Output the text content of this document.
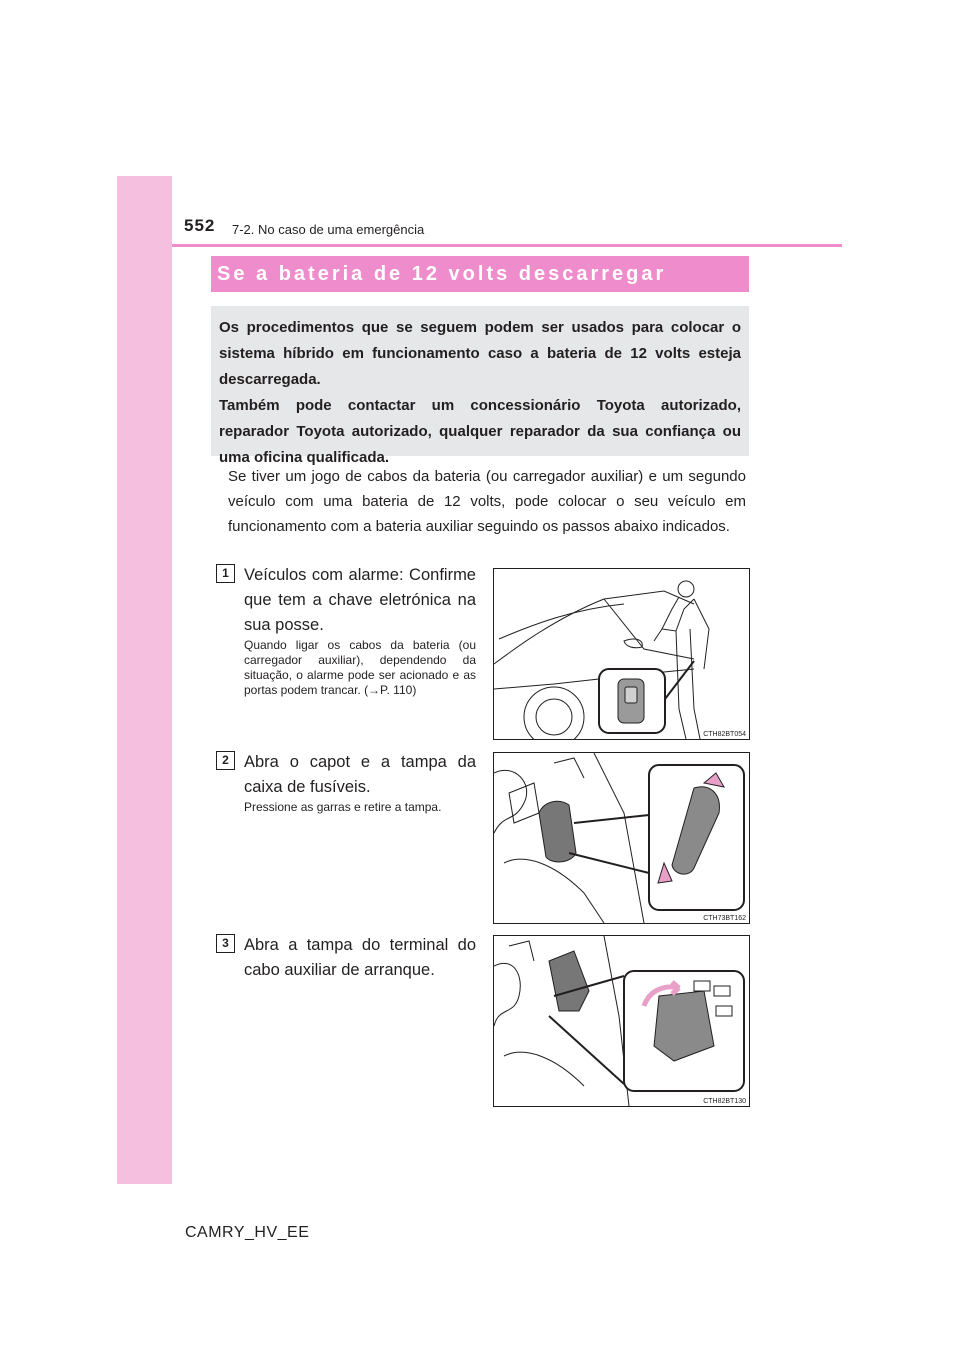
552 7-2. No caso de uma emergência
Se a bateria de 12 volts descarregar

Os procedimentos que se seguem podem ser usados para colocar o sistema híbrido em funcionamento caso a bateria de 12 volts esteja descarregada.

Também pode contactar um concessionário Toyota autorizado, reparador Toyota autorizado, qualquer reparador da sua confiança ou uma oficina qualificada.

Se tiver um jogo de cabos da bateria (ou carregador auxiliar) e um segundo veículo com uma bateria de 12 volts, pode colocar o seu veículo em funcionamento com a bateria auxiliar seguindo os passos abaixo indicados.
1 Veículos com alarme: Confirme que tem a chave eletrónica na sua posse.
Quando ligar os cabos da bateria (ou carregador auxiliar), dependendo da situação, o alarme pode ser acionado e as portas podem trancar. (→P. 110)
CTH82BT054
2 Abra o capot e a tampa da caixa de fusíveis.
Pressione as garras e retire a tampa.
CTH73BT162
3 Abra a tampa do terminal do cabo auxiliar de arranque.
CTH82BT130
CAMRY_HV_EE
